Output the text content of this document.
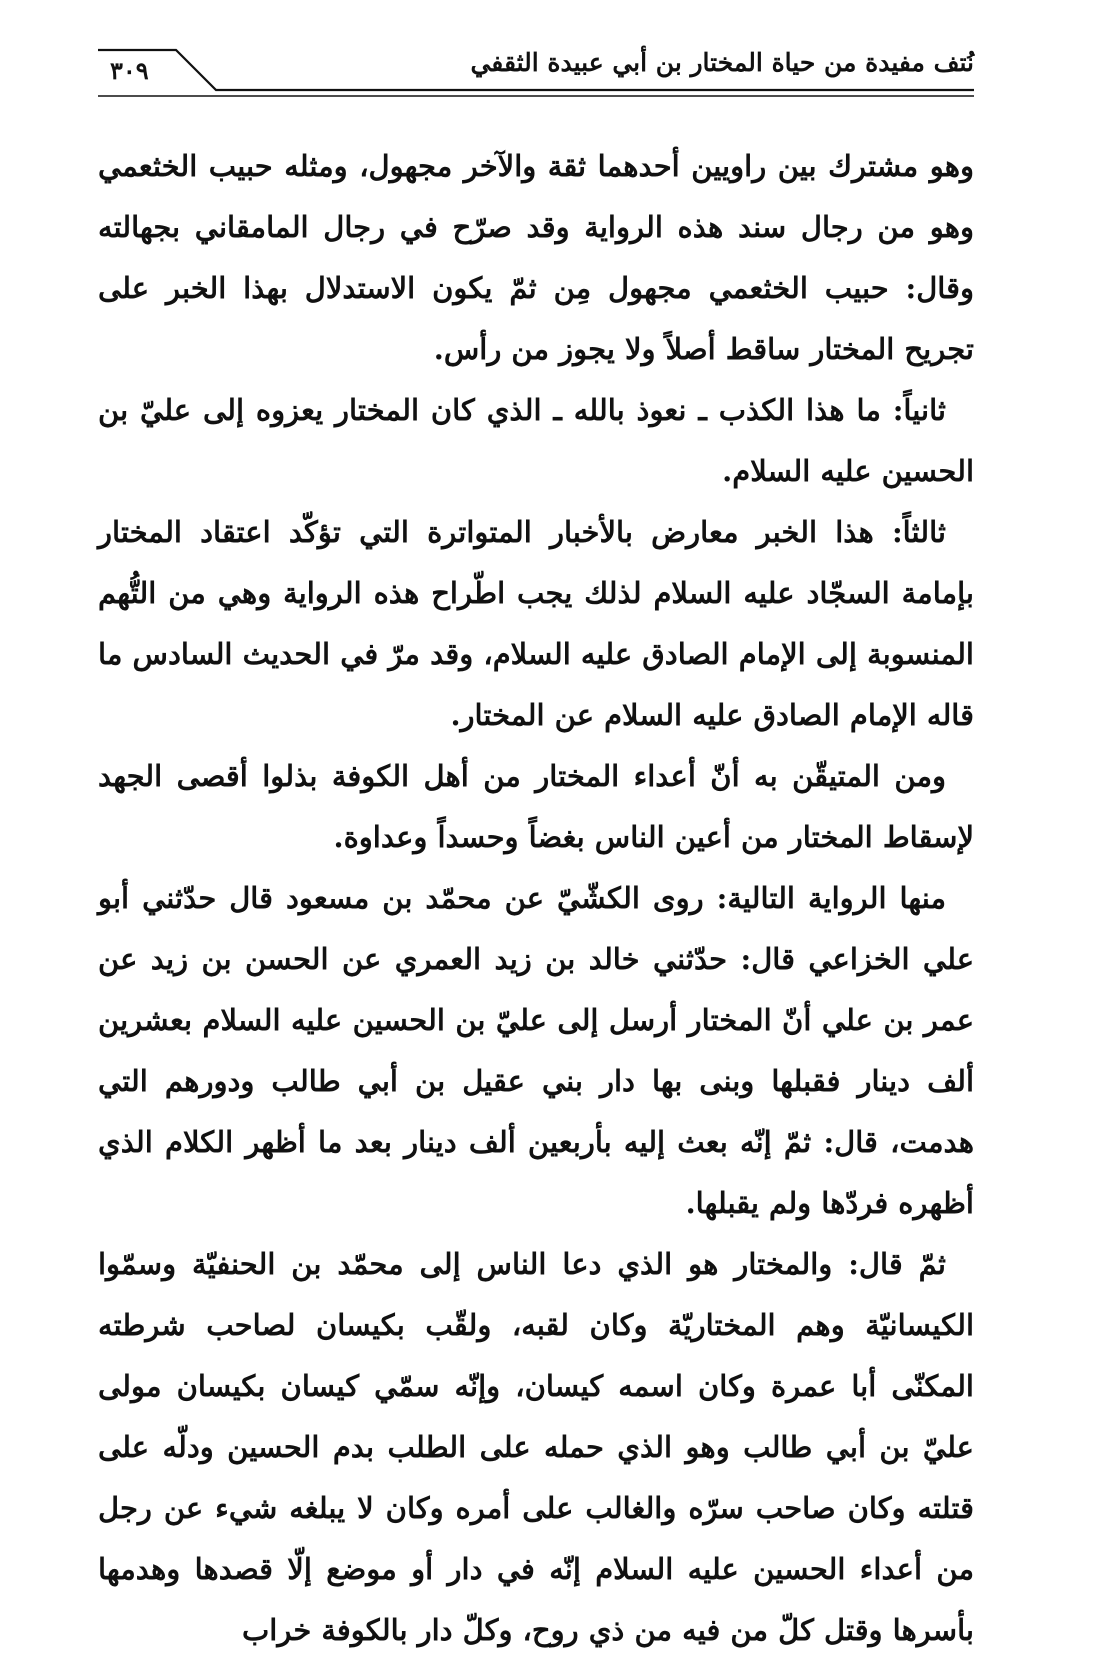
٣٠٩	نُتف مفيدة من حياة المختار بن أبي عبيدة الثقفي

وهو مشترك بين راويين أحدهما ثقة والآخر مجهول، ومثله حبيب الخثعمي وهو من رجال سند هذه الرواية وقد صرّح في رجال المامقاني بجهالته وقال: حبيب الخثعمي مجهول مِن ثمّ يكون الاستدلال بهذا الخبر على تجريح المختار ساقط أصلاً ولا يجوز من رأس.

ثانياً: ما هذا الكذب ـ نعوذ بالله ـ الذي كان المختار يعزوه إلى عليّ بن الحسين عليه السلام.

ثالثاً: هذا الخبر معارض بالأخبار المتواترة التي تؤكّد اعتقاد المختار بإمامة السجّاد عليه السلام لذلك يجب اطّراح هذه الرواية وهي من التُّهم المنسوبة إلى الإمام الصادق عليه السلام، وقد مرّ في الحديث السادس ما قاله الإمام الصادق عليه السلام عن المختار.

ومن المتيقّن به أنّ أعداء المختار من أهل الكوفة بذلوا أقصى الجهد لإسقاط المختار من أعين الناس بغضاً وحسداً وعداوة.

منها الرواية التالية: روى الكشّيّ عن محمّد بن مسعود قال حدّثني أبو علي الخزاعي قال: حدّثني خالد بن زيد العمري عن الحسن بن زيد عن عمر بن علي أنّ المختار أرسل إلى عليّ بن الحسين عليه السلام بعشرين ألف دينار فقبلها وبنى بها دار بني عقيل بن أبي طالب ودورهم التي هدمت، قال: ثمّ إنّه بعث إليه بأربعين ألف دينار بعد ما أظهر الكلام الذي أظهره فردّها ولم يقبلها.

ثمّ قال: والمختار هو الذي دعا الناس إلى محمّد بن الحنفيّة وسمّوا الكيسانيّة وهم المختاريّة وكان لقبه، ولقّب بكيسان لصاحب شرطته المكنّى أبا عمرة وكان اسمه كيسان، وإنّه سمّي كيسان بكيسان مولى عليّ بن أبي طالب وهو الذي حمله على الطلب بدم الحسين ودلّه على قتلته وكان صاحب سرّه والغالب على أمره وكان لا يبلغه شيء عن رجل من أعداء الحسين عليه السلام إنّه في دار أو موضع إلّا قصدها وهدمها بأسرها وقتل كلّ من فيه من ذي روح، وكلّ دار بالكوفة خراب
